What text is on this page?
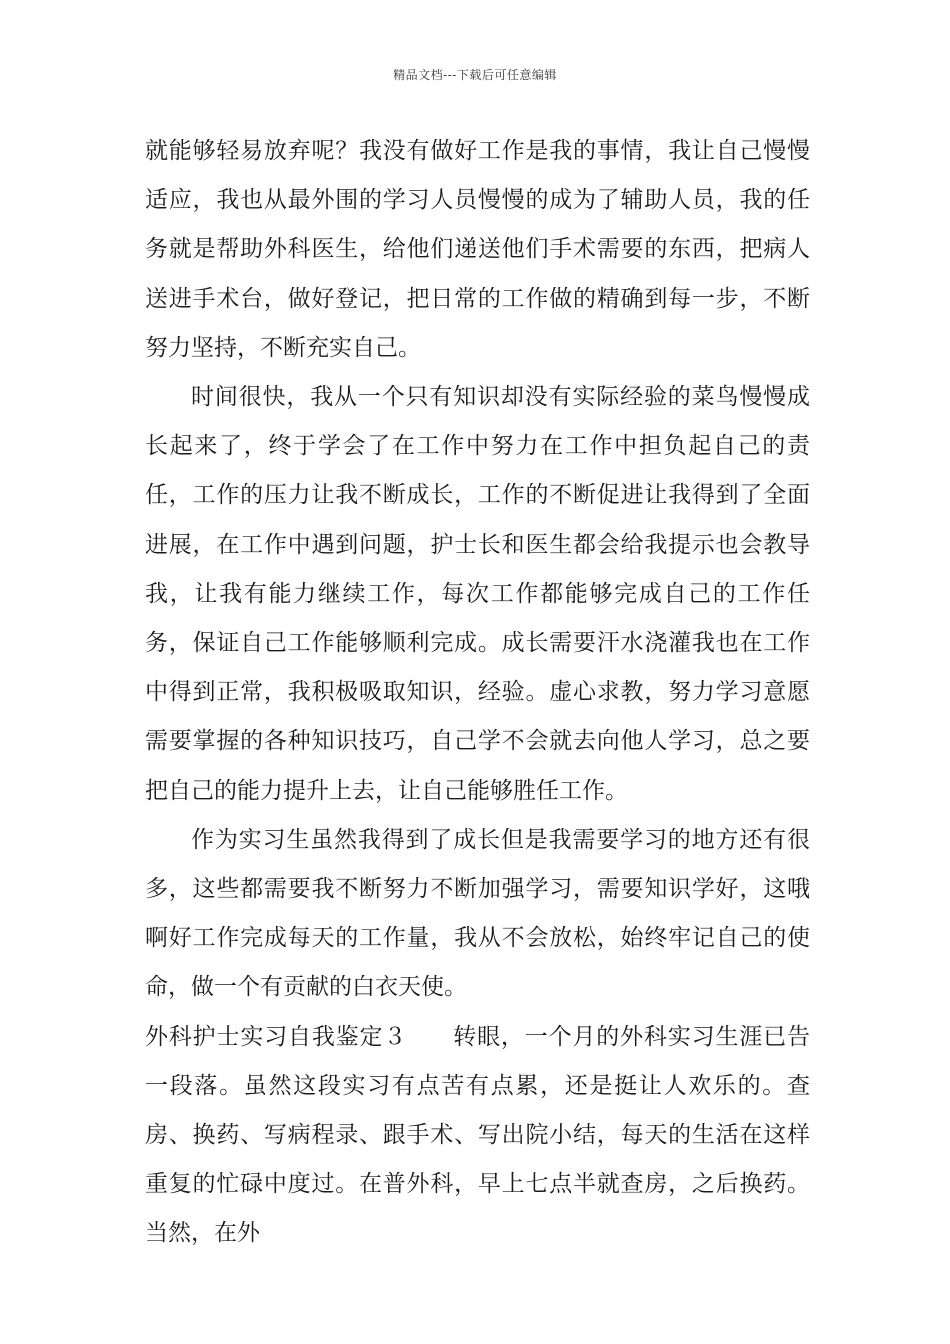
精品文档---下载后可任意编辑

就能够轻易放弃呢？我没有做好工作是我的事情，我让自己慢慢适应，我也从最外围的学习人员慢慢的成为了辅助人员，我的任务就是帮助外科医生，给他们递送他们手术需要的东西，把病人送进手术台，做好登记，把日常的工作做的精确到每一步，不断努力坚持，不断充实自己。

时间很快，我从一个只有知识却没有实际经验的菜鸟慢慢成长起来了，终于学会了在工作中努力在工作中担负起自己的责任，工作的压力让我不断成长，工作的不断促进让我得到了全面进展，在工作中遇到问题，护士长和医生都会给我提示也会教导我，让我有能力继续工作，每次工作都能够完成自己的工作任务，保证自己工作能够顺利完成。成长需要汗水浇灌我也在工作中得到正常，我积极吸取知识，经验。虚心求教，努力学习意愿需要掌握的各种知识技巧，自己学不会就去向他人学习，总之要把自己的能力提升上去，让自己能够胜任工作。

作为实习生虽然我得到了成长但是我需要学习的地方还有很多，这些都需要我不断努力不断加强学习，需要知识学好，这哦啊好工作完成每天的工作量，我从不会放松，始终牢记自己的使命，做一个有贡献的白衣天使。

外科护士实习自我鉴定３ 转眼，一个月的外科实习生涯已告一段落。虽然这段实习有点苦有点累，还是挺让人欢乐的。查房、换药、写病程录、跟手术、写出院小结，每天的生活在这样重复的忙碌中度过。在普外科，早上七点半就查房，之后换药。当然，在外
